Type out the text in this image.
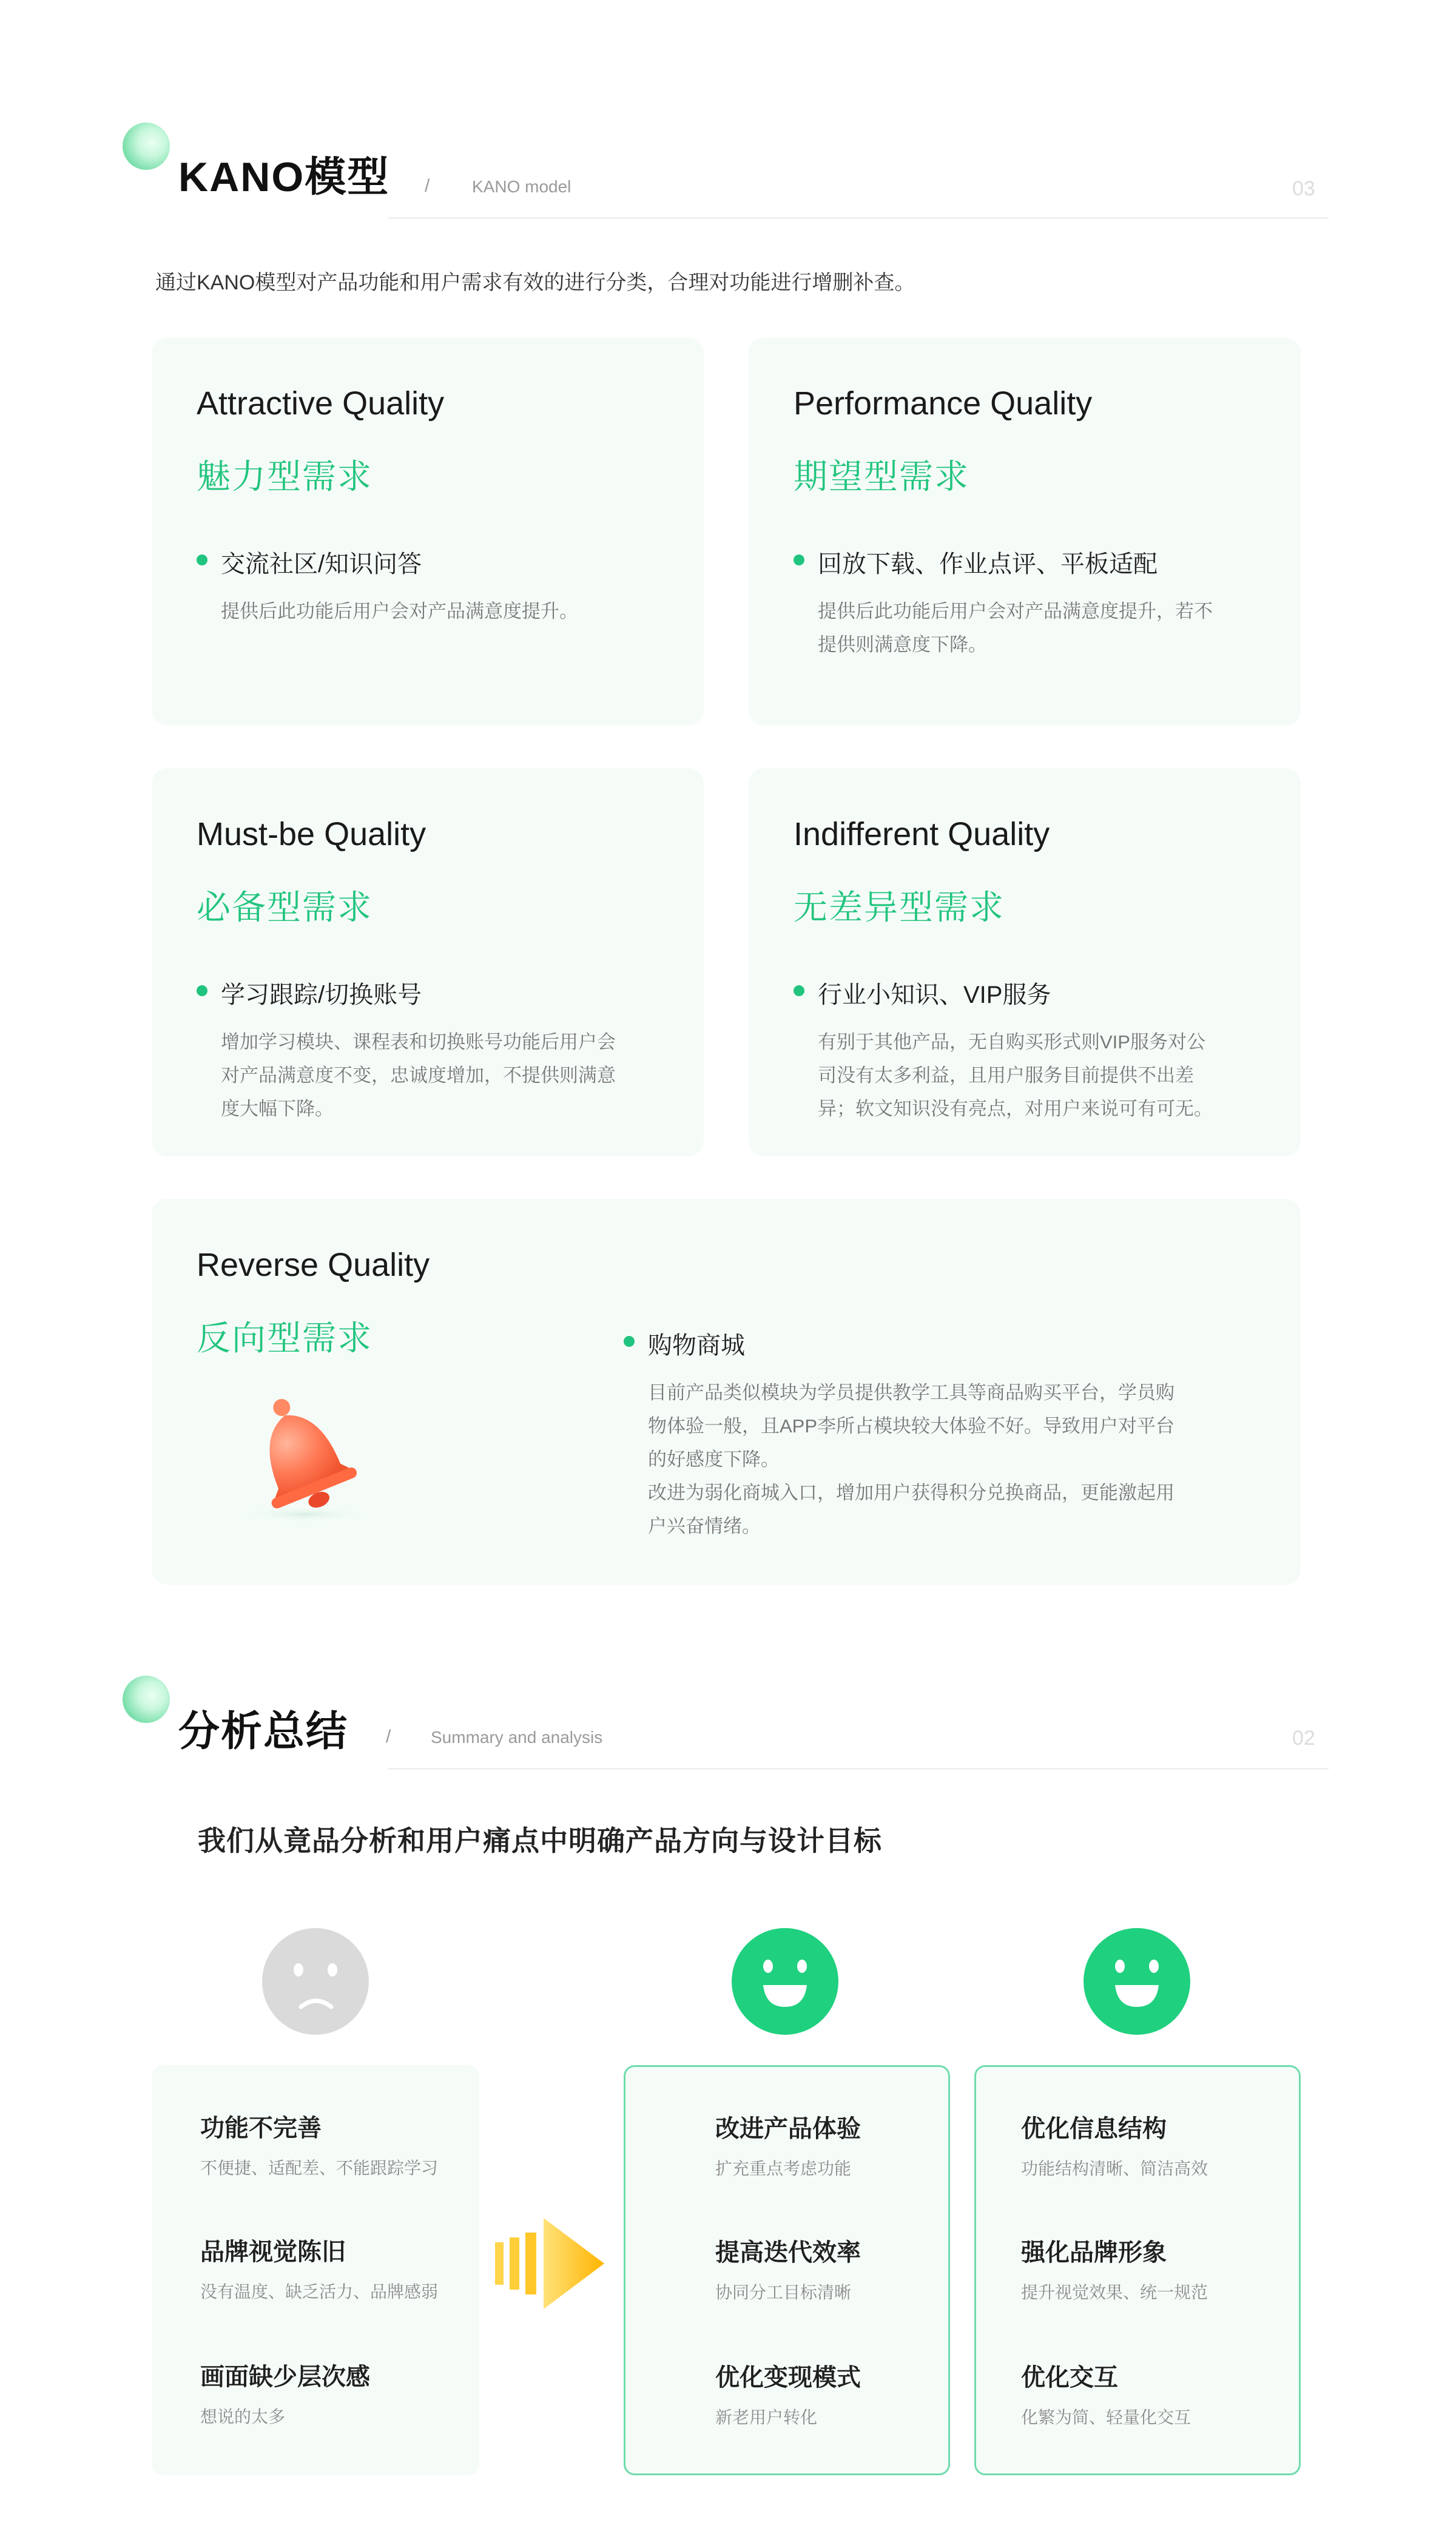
KANO模型 / KANO model	03
通过KANO模型对产品功能和用户需求有效的进行分类，合理对功能进行增删补查。
Attractive Quality
魅力型需求
交流社区/知识问答
提供后此功能后用户会对产品满意度提升。
Performance Quality
期望型需求
回放下载、作业点评、平板适配
提供后此功能后用户会对产品满意度提升，若不
提供则满意度下降。
Must-be Quality
必备型需求
学习跟踪/切换账号
增加学习模块、课程表和切换账号功能后用户会
对产品满意度不变，忠诚度增加，不提供则满意
度大幅下降。
Indifferent Quality
无差异型需求
行业小知识、VIP服务
有别于其他产品，无自购买形式则VIP服务对公
司没有太多利益，且用户服务目前提供不出差
异；软文知识没有亮点，对用户来说可有可无。
Reverse Quality
反向型需求	购物商城
目前产品类似模块为学员提供教学工具等商品购买平台，学员购
物体验一般，且APP李所占模块较大体验不好。导致用户对平台
的好感度下降。
改进为弱化商城入口，增加用户获得积分兑换商品，更能激起用
户兴奋情绪。
分析总结 / Summary and analysis	02
我们从竟品分析和用户痛点中明确产品方向与设计目标
功能不完善
不便捷、适配差、不能跟踪学习
品牌视觉陈旧
没有温度、缺乏活力、品牌感弱
画面缺少层次感
想说的太多
改进产品体验
扩充重点考虑功能
提高迭代效率
协同分工目标清晰
优化变现模式
新老用户转化
优化信息结构
功能结构清晰、简洁高效
强化品牌形象
提升视觉效果、统一规范
优化交互
化繁为简、轻量化交互
